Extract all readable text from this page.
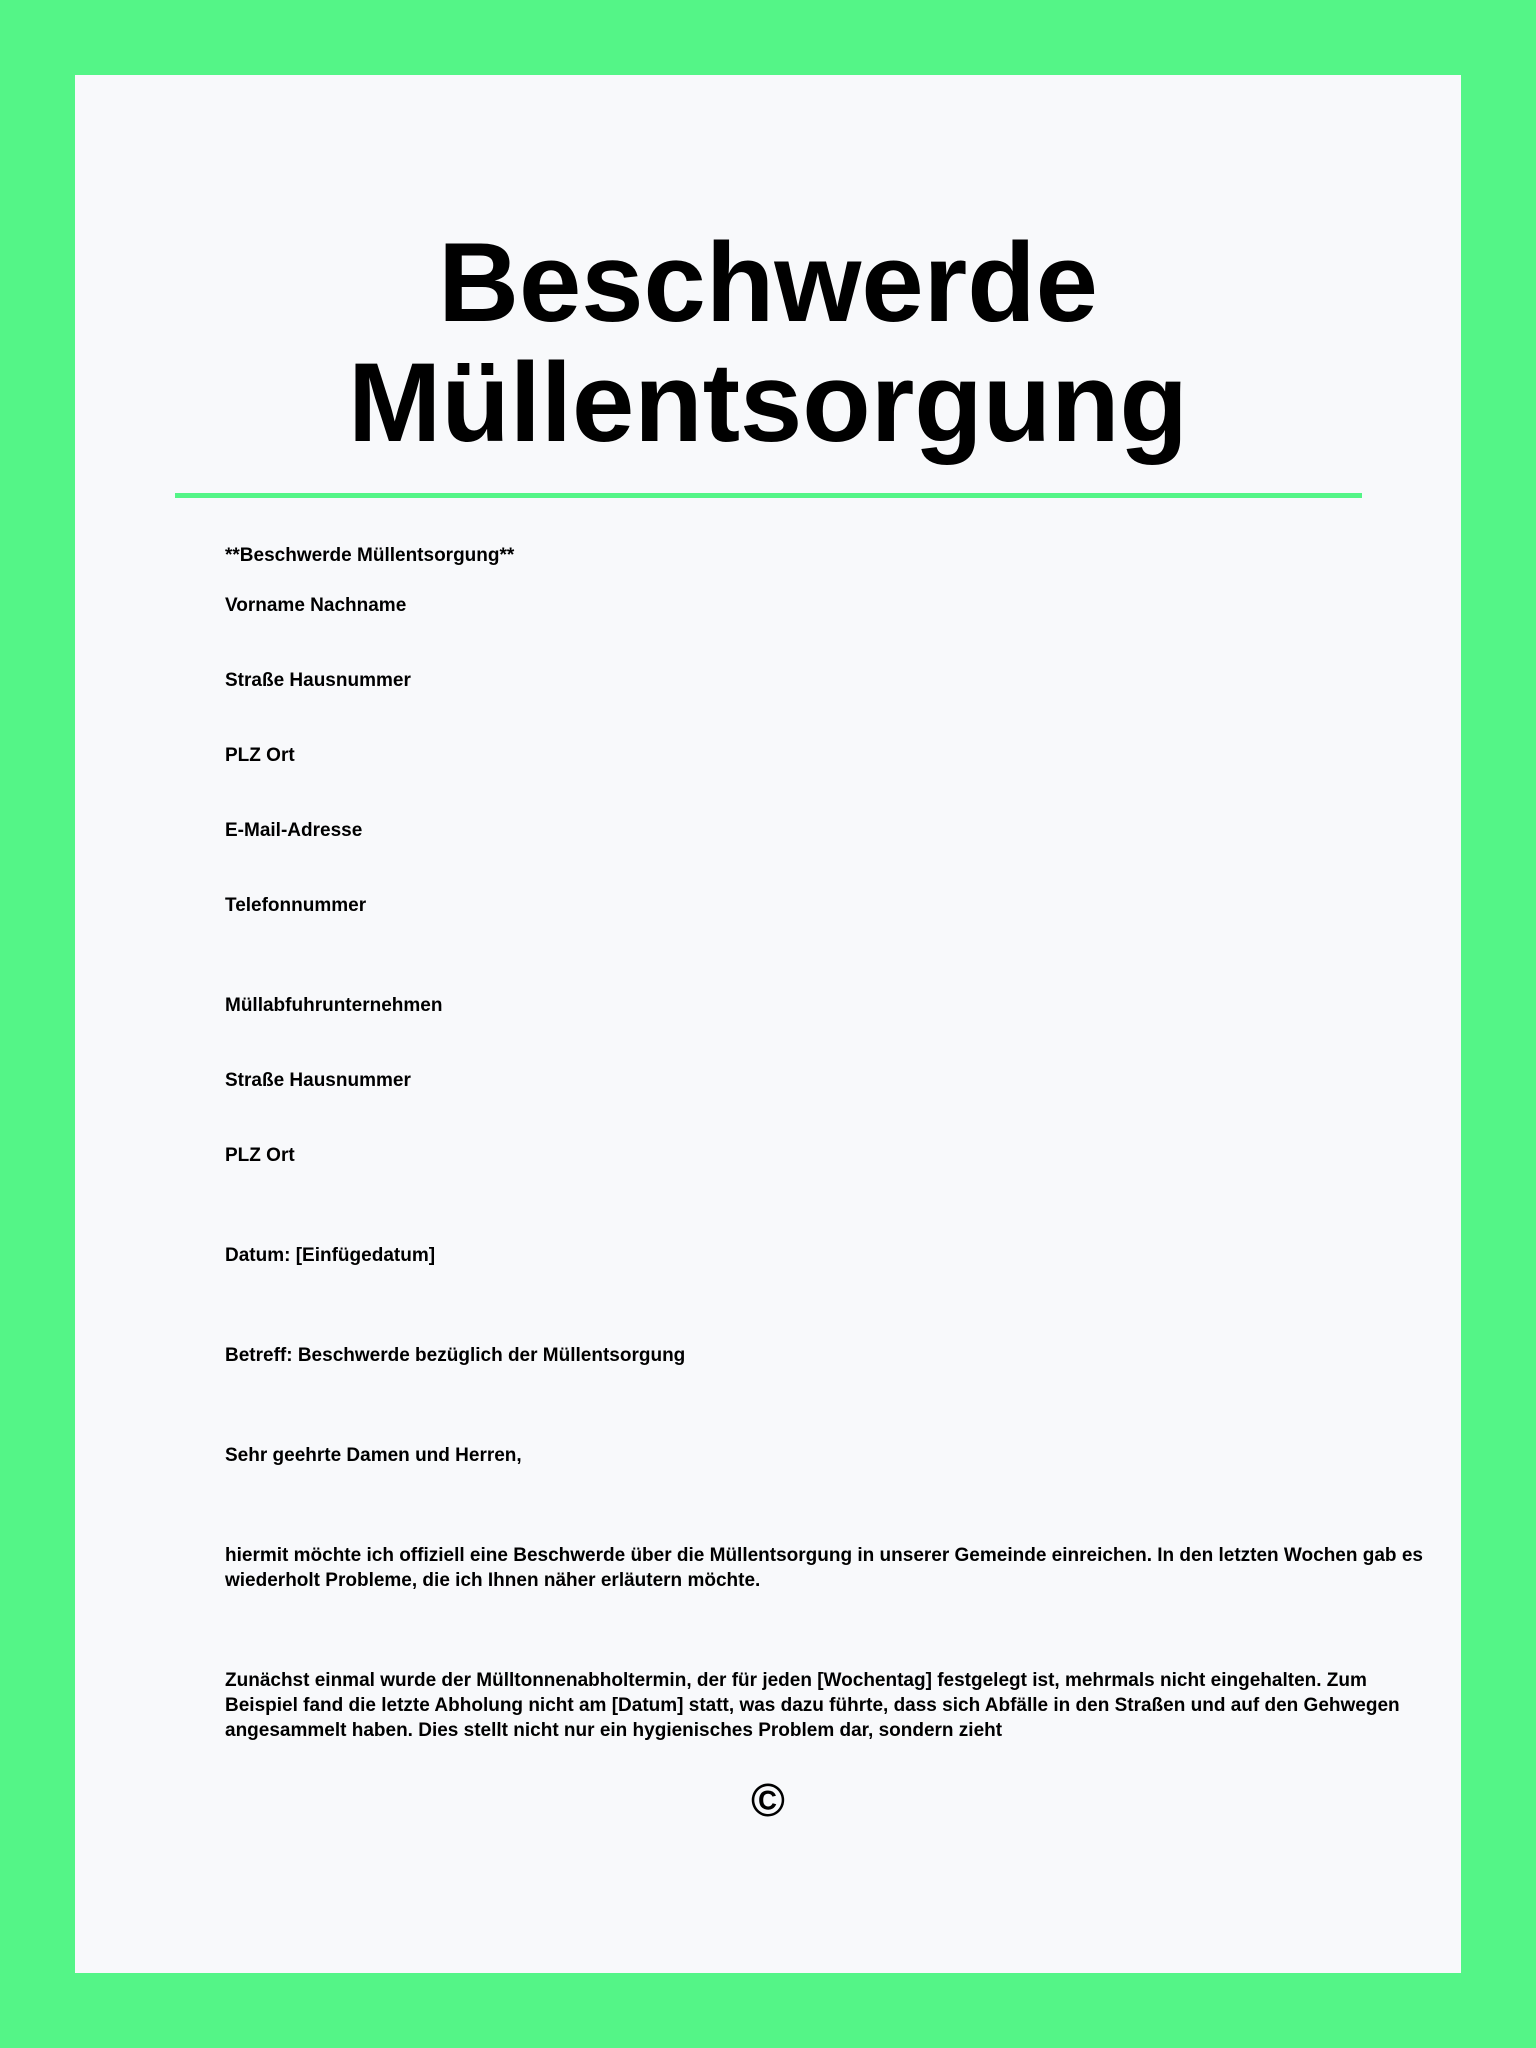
Beschwerde
Müllentsorgung
**Beschwerde Müllentsorgung**
Vorname Nachname
Straße Hausnummer
PLZ Ort
E-Mail-Adresse
Telefonnummer
Müllabfuhrunternehmen
Straße Hausnummer
PLZ Ort
Datum: [Einfügedatum]
Betreff: Beschwerde bezüglich der Müllentsorgung
Sehr geehrte Damen und Herren,
hiermit möchte ich offiziell eine Beschwerde über die Müllentsorgung in unserer Gemeinde einreichen. In den letzten Wochen gab es wiederholt Probleme, die ich Ihnen näher erläutern möchte.
Zunächst einmal wurde der Mülltonnenabholtermin, der für jeden [Wochentag] festgelegt ist, mehrmals nicht eingehalten. Zum Beispiel fand die letzte Abholung nicht am [Datum] statt, was dazu führte, dass sich Abfälle in den Straßen und auf den Gehwegen angesammelt haben. Dies stellt nicht nur ein hygienisches Problem dar, sondern zieht
©
